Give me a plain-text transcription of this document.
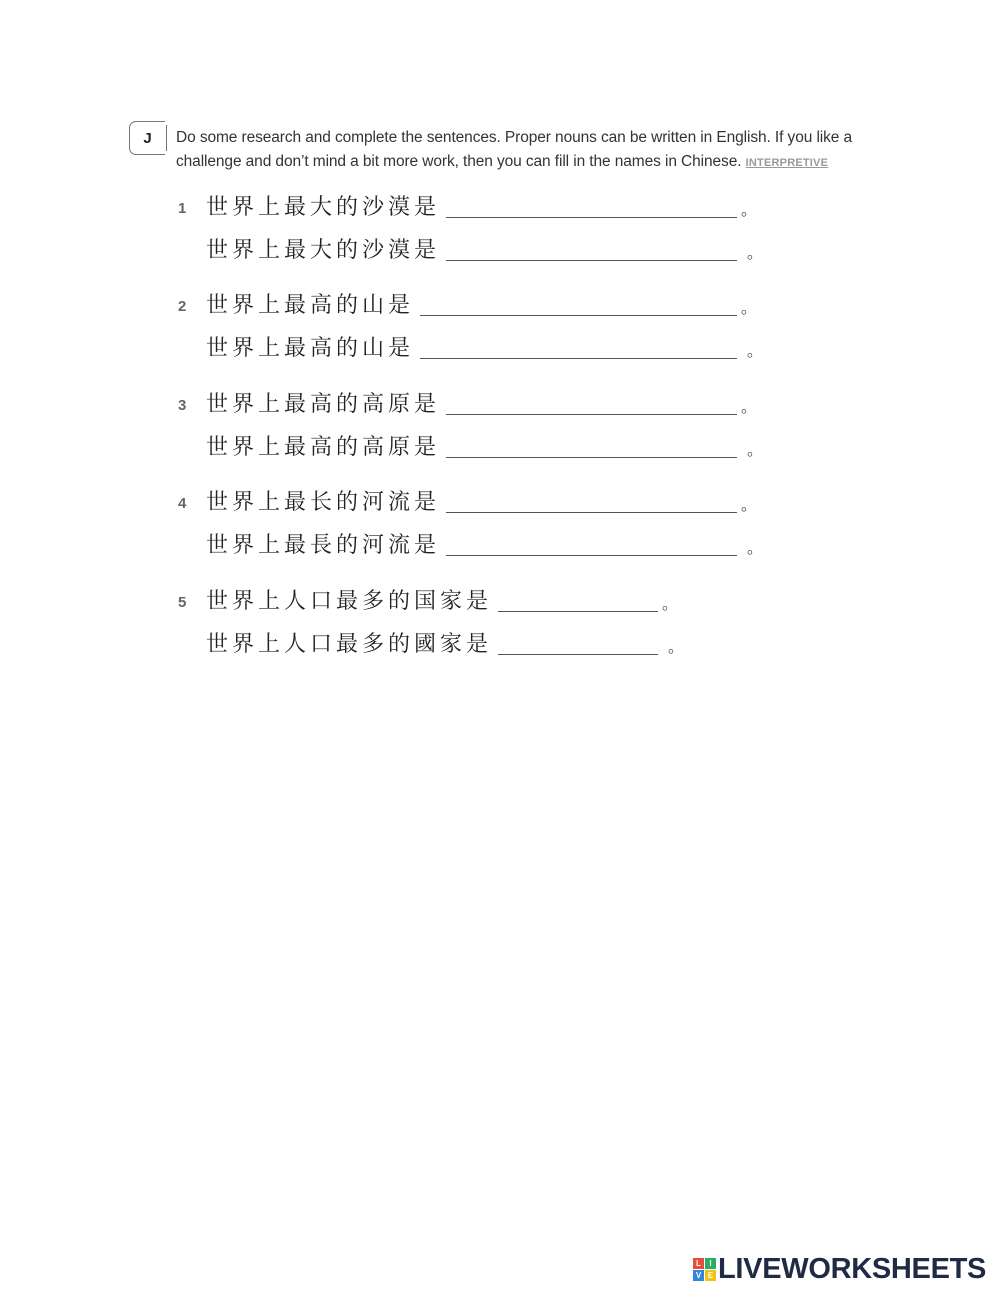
J Do some research and complete the sentences. Proper nouns can be written in English. If you like a challenge and don’t mind a bit more work, then you can fill in the names in Chinese. INTERPRETIVE
1 世界上最大的沙漠是	。
世界上最大的沙漠是	。
2 世界上最高的山是	。
世界上最高的山是	。
3 世界上最高的高原是	。
世界上最高的高原是	。
4 世界上最长的河流是	。
世界上最長的河流是	。
5 世界上人口最多的国家是	。
世界上人口最多的國家是	。
L	I
V E LIVEWORKSHEETS
